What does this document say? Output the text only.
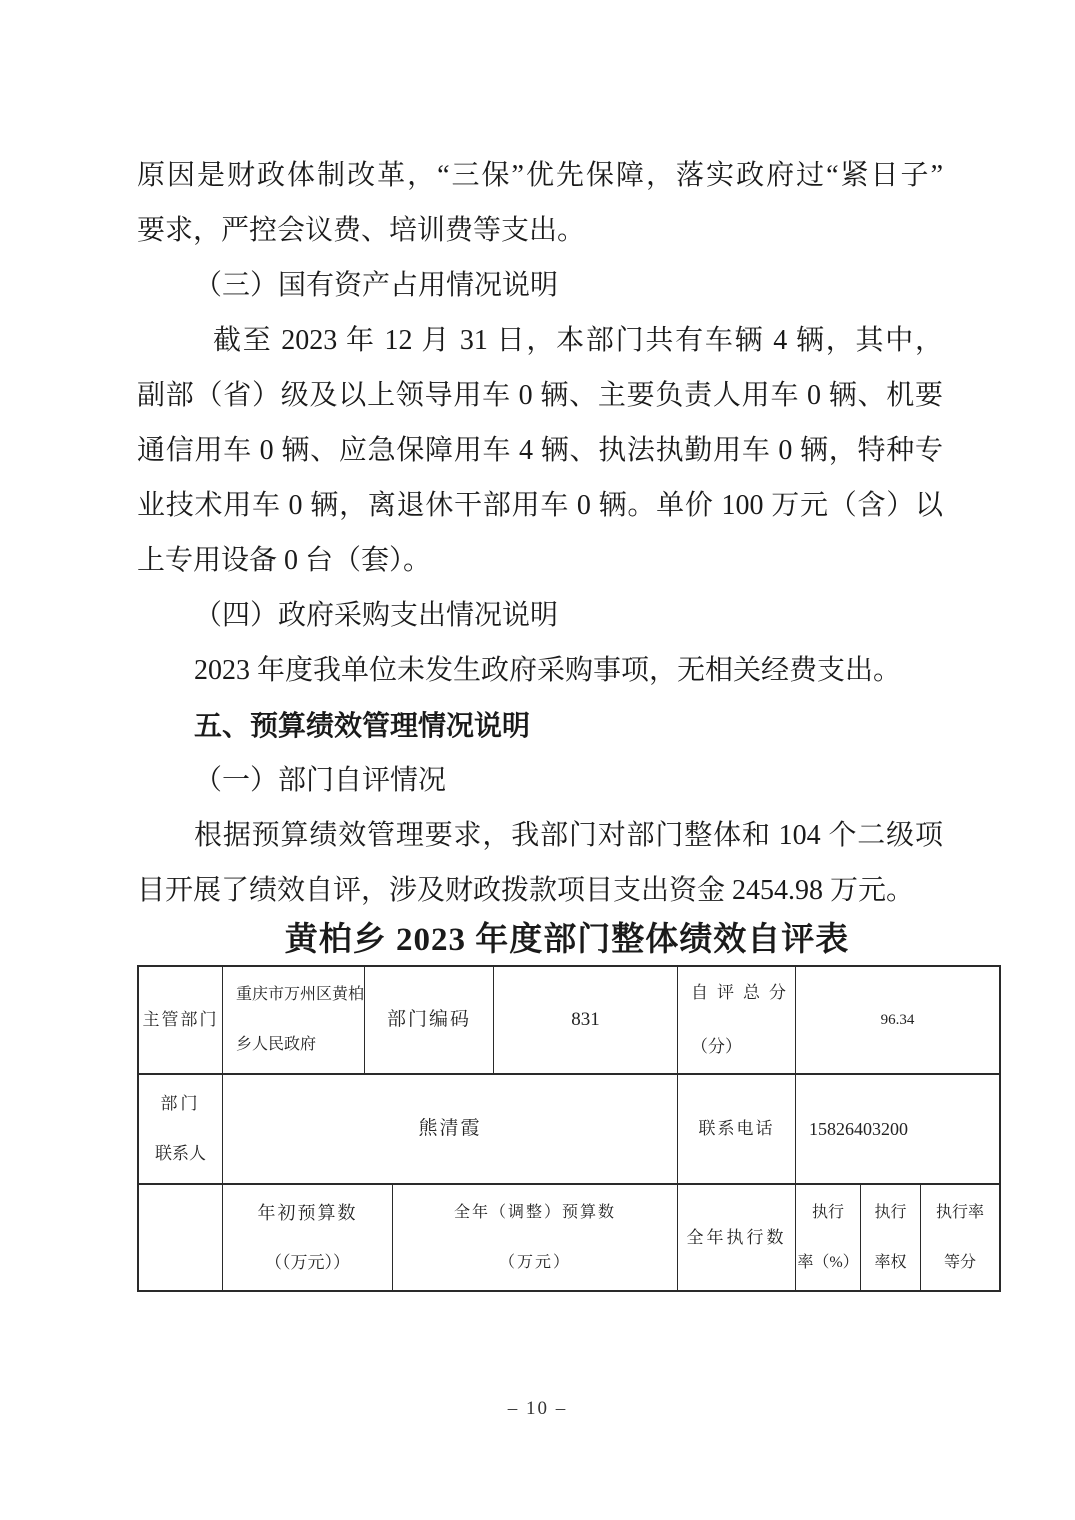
原因是财政体制改革，“三保”优先保障，落实政府过“紧日子”
要求，严控会议费、培训费等支出。
（三）国有资产占用情况说明
截至 2023 年 12 月 31 日，本部门共有车辆 4 辆，其中，
副部（省）级及以上领导用车 0 辆、主要负责人用车 0 辆、机要
通信用车 0 辆、应急保障用车 4 辆、执法执勤用车 0 辆，特种专
业技术用车 0 辆，离退休干部用车 0 辆。单价 100 万元（含）以
上专用设备 0 台（套）。
（四）政府采购支出情况说明
2023 年度我单位未发生政府采购事项，无相关经费支出。
五、预算绩效管理情况说明
（一）部门自评情况
根据预算绩效管理要求，我部门对部门整体和 104 个二级项
目开展了绩效自评，涉及财政拨款项目支出资金 2454.98 万元。
黄柏乡 2023 年度部门整体绩效自评表
主管部门
重庆市万州区黄柏
乡人民政府
部门编码	831
自评总分
（分）
96.34
部门
联系人
熊清霞	联系电话 15826403200
年初预算数
（（万元））
全年（调整）预算数
（万元）
全年执行数
执行
率（%）
执行
率权
执行率
等分
– 10 –
